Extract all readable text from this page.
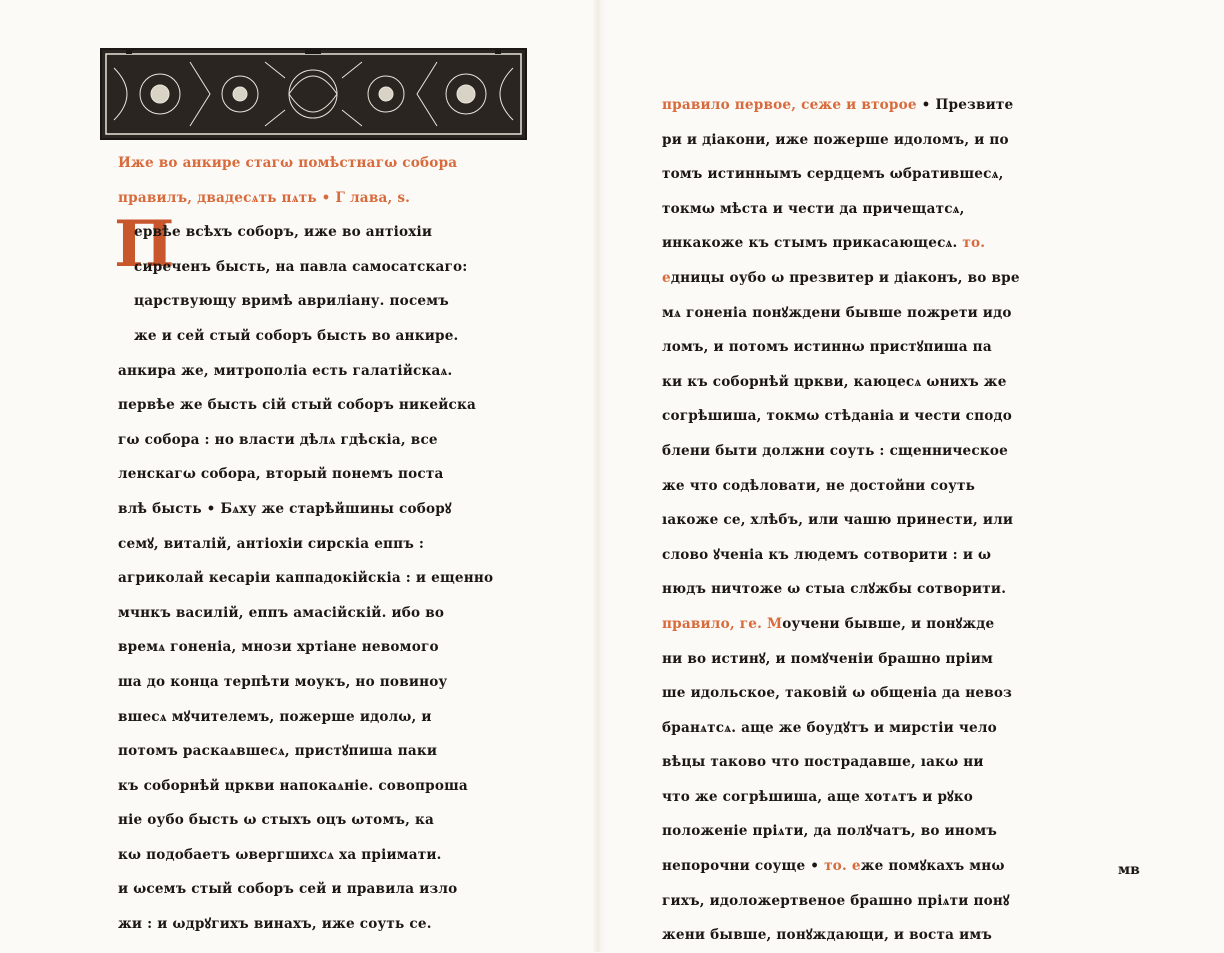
П
Иже во анкире стагω помѣстнагω собора
правилъ, двадесѧть пѧть • Г лава, ѕ.
ервѣе всѣхъ соборъ, иже во антіохіи
сиреченъ бысть, на павла самосатскаго:
царствующу вримѣ авриліану. посемъ
же и сей стый соборъ бысть во анкире.
анкира же, митрополіа есть галатійскаѧ.
первѣе же бысть сій стый соборъ никейска
гω собора : но власти дѣлѧ гдѣскіа, все
ленскагω собора, вторый понемъ поста
влѣ бысть • Бѧху же старѣйшины соборꙋ
семꙋ, виталій, антіохіи сирскіа еппъ :
агриколай кесаріи каппадокійскіа : и ещенно
мчнкъ василій, еппъ амасійскій. ибо во
времѧ гоненіа, мнози хртіане невомого
ша до конца терпѣти моукъ, но повиноу
вшесѧ мꙋчителемъ, пожерше идолω, и
потомъ раскаѧвшесѧ, пристꙋпиша паки
къ соборнѣй цркви напокаѧніе. совопроша
ніе оубо бысть ω стыхъ оцъ ωтомъ, ка
кω подобаетъ ωвергшихсѧ ха пріимати.
и ωсемъ стый соборъ сей и правила изло
жи : и ωдрꙋгихъ винахъ, иже соуть се.
правило первое, сеже и второе • Презвите
ри и діакони, иже пожерше идоломъ, и по
томъ истиннымъ сердцемъ ωбратившесѧ,
токмω мѣста и чести да причещатсѧ,
инкакоже къ стымъ прикасающесѧ. то.
едницы оубо ω презвитер и діаконъ, во вре
мѧ гоненіа понꙋждени бывше пожрети идо
ломъ, и потомъ истиннω пристꙋпиша па
ки къ соборнѣй цркви, каюцесѧ ωнихъ же
согрѣшиша, токмω стѣданіа и чести сподо
блени быти должни соуть : сщенническое
же что содѣловати, не достойни соуть
ıакоже се, хлѣбъ, или чашю принести, или
слово ꙋченіа къ людемъ сотворити : и ω
нюдъ ничтоже ω стыа слꙋжбы сотворити.
правило, ге. Моучени бывше, и понꙋжде
ни во истинꙋ, и помꙋченіи брашно пріим
ше идольское, таковій ω общеніа да невоз
бранѧтсѧ. аще же боудꙋтъ и мирстіи чело
вѣцы таково что пострадавше, ıакω ни
что же согрѣшиша, аще хотѧтъ и рꙋко
положеніе пріѧти, да полꙋчатъ, во иномъ
непорочни соуще • то. еже помꙋкахъ мнω
гихъ, идоложертвеное брашно пріѧти понꙋ
жени бывше, понꙋждающи, и воста имъ
мв
